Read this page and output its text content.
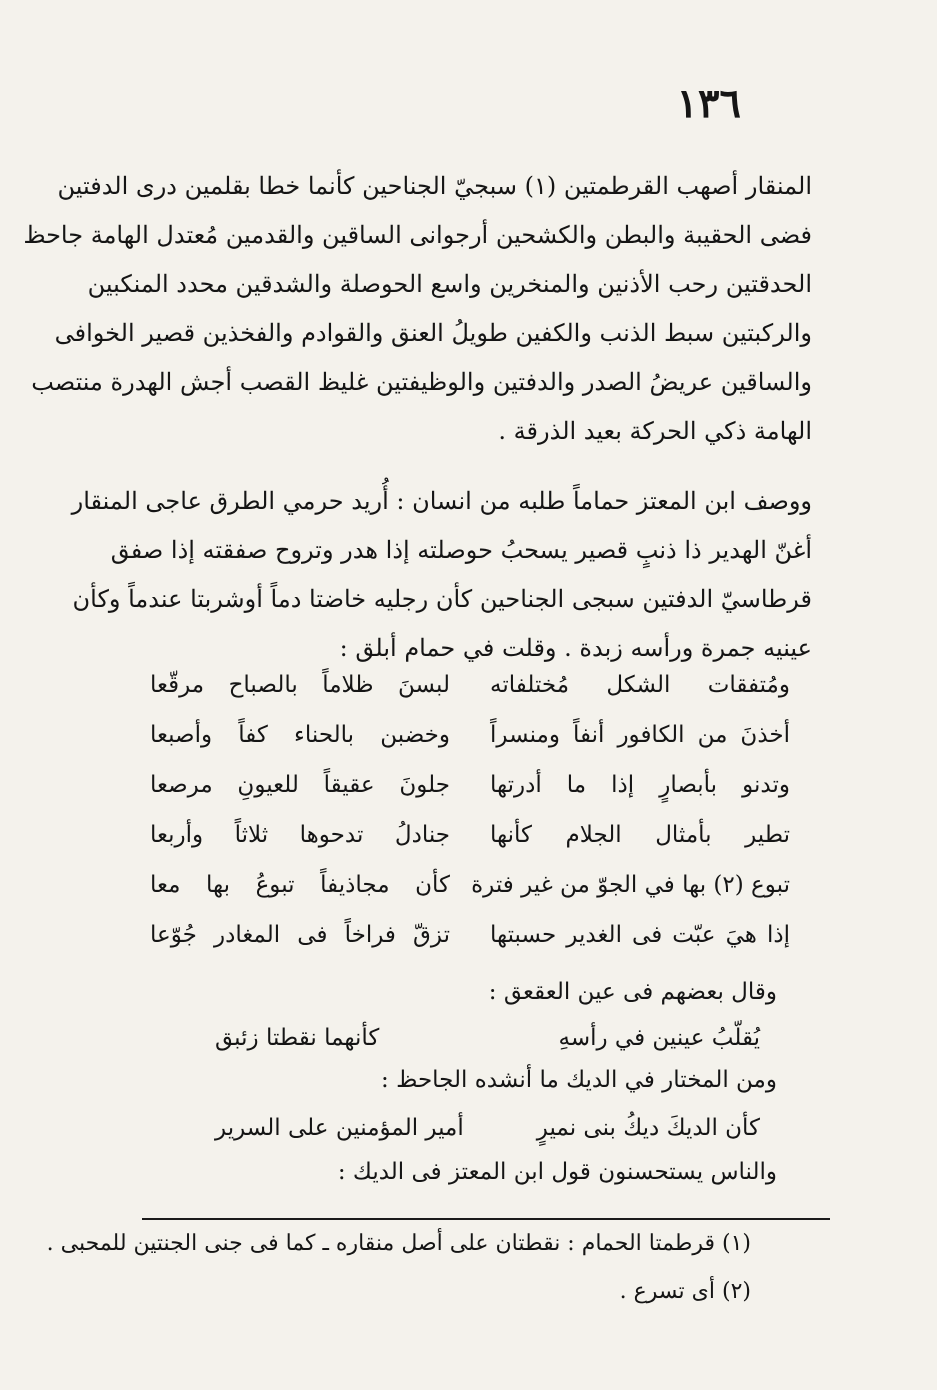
١٣٦
المنقار أصهب القرطمتين (١) سبجيّ الجناحين كأنما خطا بقلمين درى الدفتين
فضى الحقيبة والبطن والكشحين أرجوانى الساقين والقدمين مُعتدل الهامة جاحظ
الحدقتين رحب الأذنين والمنخرين واسع الحوصلة والشدقين محدد المنكبين
والركبتين سبط الذنب والكفين طويلُ العنق والقوادم والفخذين قصير الخوافى
والساقين عريضُ الصدر والدفتين والوظيفتين غليظ القصب أجش الهدرة منتصب
الهامة ذكي الحركة بعيد الذرقة .
ووصف ابن المعتز حماماً طلبه من انسان : أُريد حرمي الطرق عاجى المنقار
أغنّ الهدير ذا ذنبٍ قصير يسحبُ حوصلته إذا هدر وتروح صفقته إذا صفق
قرطاسيّ الدفتين سبجى الجناحين كأن رجليه خاضتا دماً أوشربتا عندماً وكأن
عينيه جمرة ورأسه زبدة . وقلت في حمام أبلق :
ومُتفقات الشكل مُختلفاته
لبسنَ ظلاماً بالصباح مرقّعا
أخذنَ من الكافور أنفاً ومنسراً
وخضبن بالحناء كفاً وأصبعا
وتدنو بأبصارٍ إذا ما أدرتها
جلونَ عقيقاً للعيونِ مرصعا
تطير بأمثال الجلام كأنها
جنادلُ تدحوها ثلاثاً وأربعا
تبوع (٢) بها في الجوّ من غير فترة
كأن مجاذيفاً تبوعُ بها معا
إذا هيَ عبّت فى الغدير حسبتها
تزقّ فراخاً فى المغادر جُوّعا
وقال بعضهم فى عين العقعق :
يُقلّبُ عينين في رأسهِ
كأنهما نقطتا زئبق
ومن المختار في الديك ما أنشده الجاحظ :
كأن الديكَ ديكُ بنى نميرٍ
أمير المؤمنين على السرير
والناس يستحسنون قول ابن المعتز فى الديك :
(١) قرطمتا الحمام : نقطتان على أصل منقاره ـ كما فى جنى الجنتين للمحبى .
(٢) أى تسرع .
